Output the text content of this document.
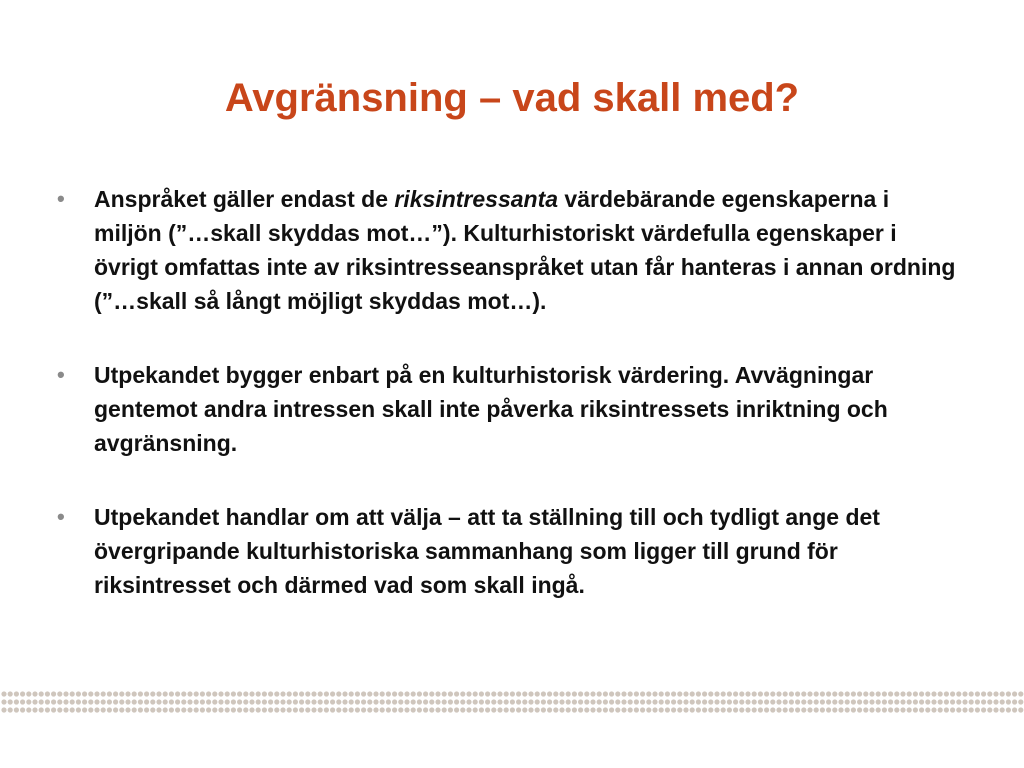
Avgränsning – vad skall med?
• Anspråket gäller endast de riksintressanta värdebärande egenskaperna i miljön (”…skall skyddas mot…”). Kulturhistoriskt värdefulla egenskaper i övrigt omfattas inte av riksintresseanspråket utan får hanteras i annan ordning (”…skall så långt möjligt skyddas mot…).
• Utpekandet bygger enbart på en kulturhistorisk värdering. Avvägningar gentemot andra intressen skall inte påverka riksintressets inriktning och avgränsning.
• Utpekandet handlar om att välja – att ta ställning till och tydligt ange det övergripande kulturhistoriska sammanhang som ligger till grund för riksintresset och därmed vad som skall ingå.
